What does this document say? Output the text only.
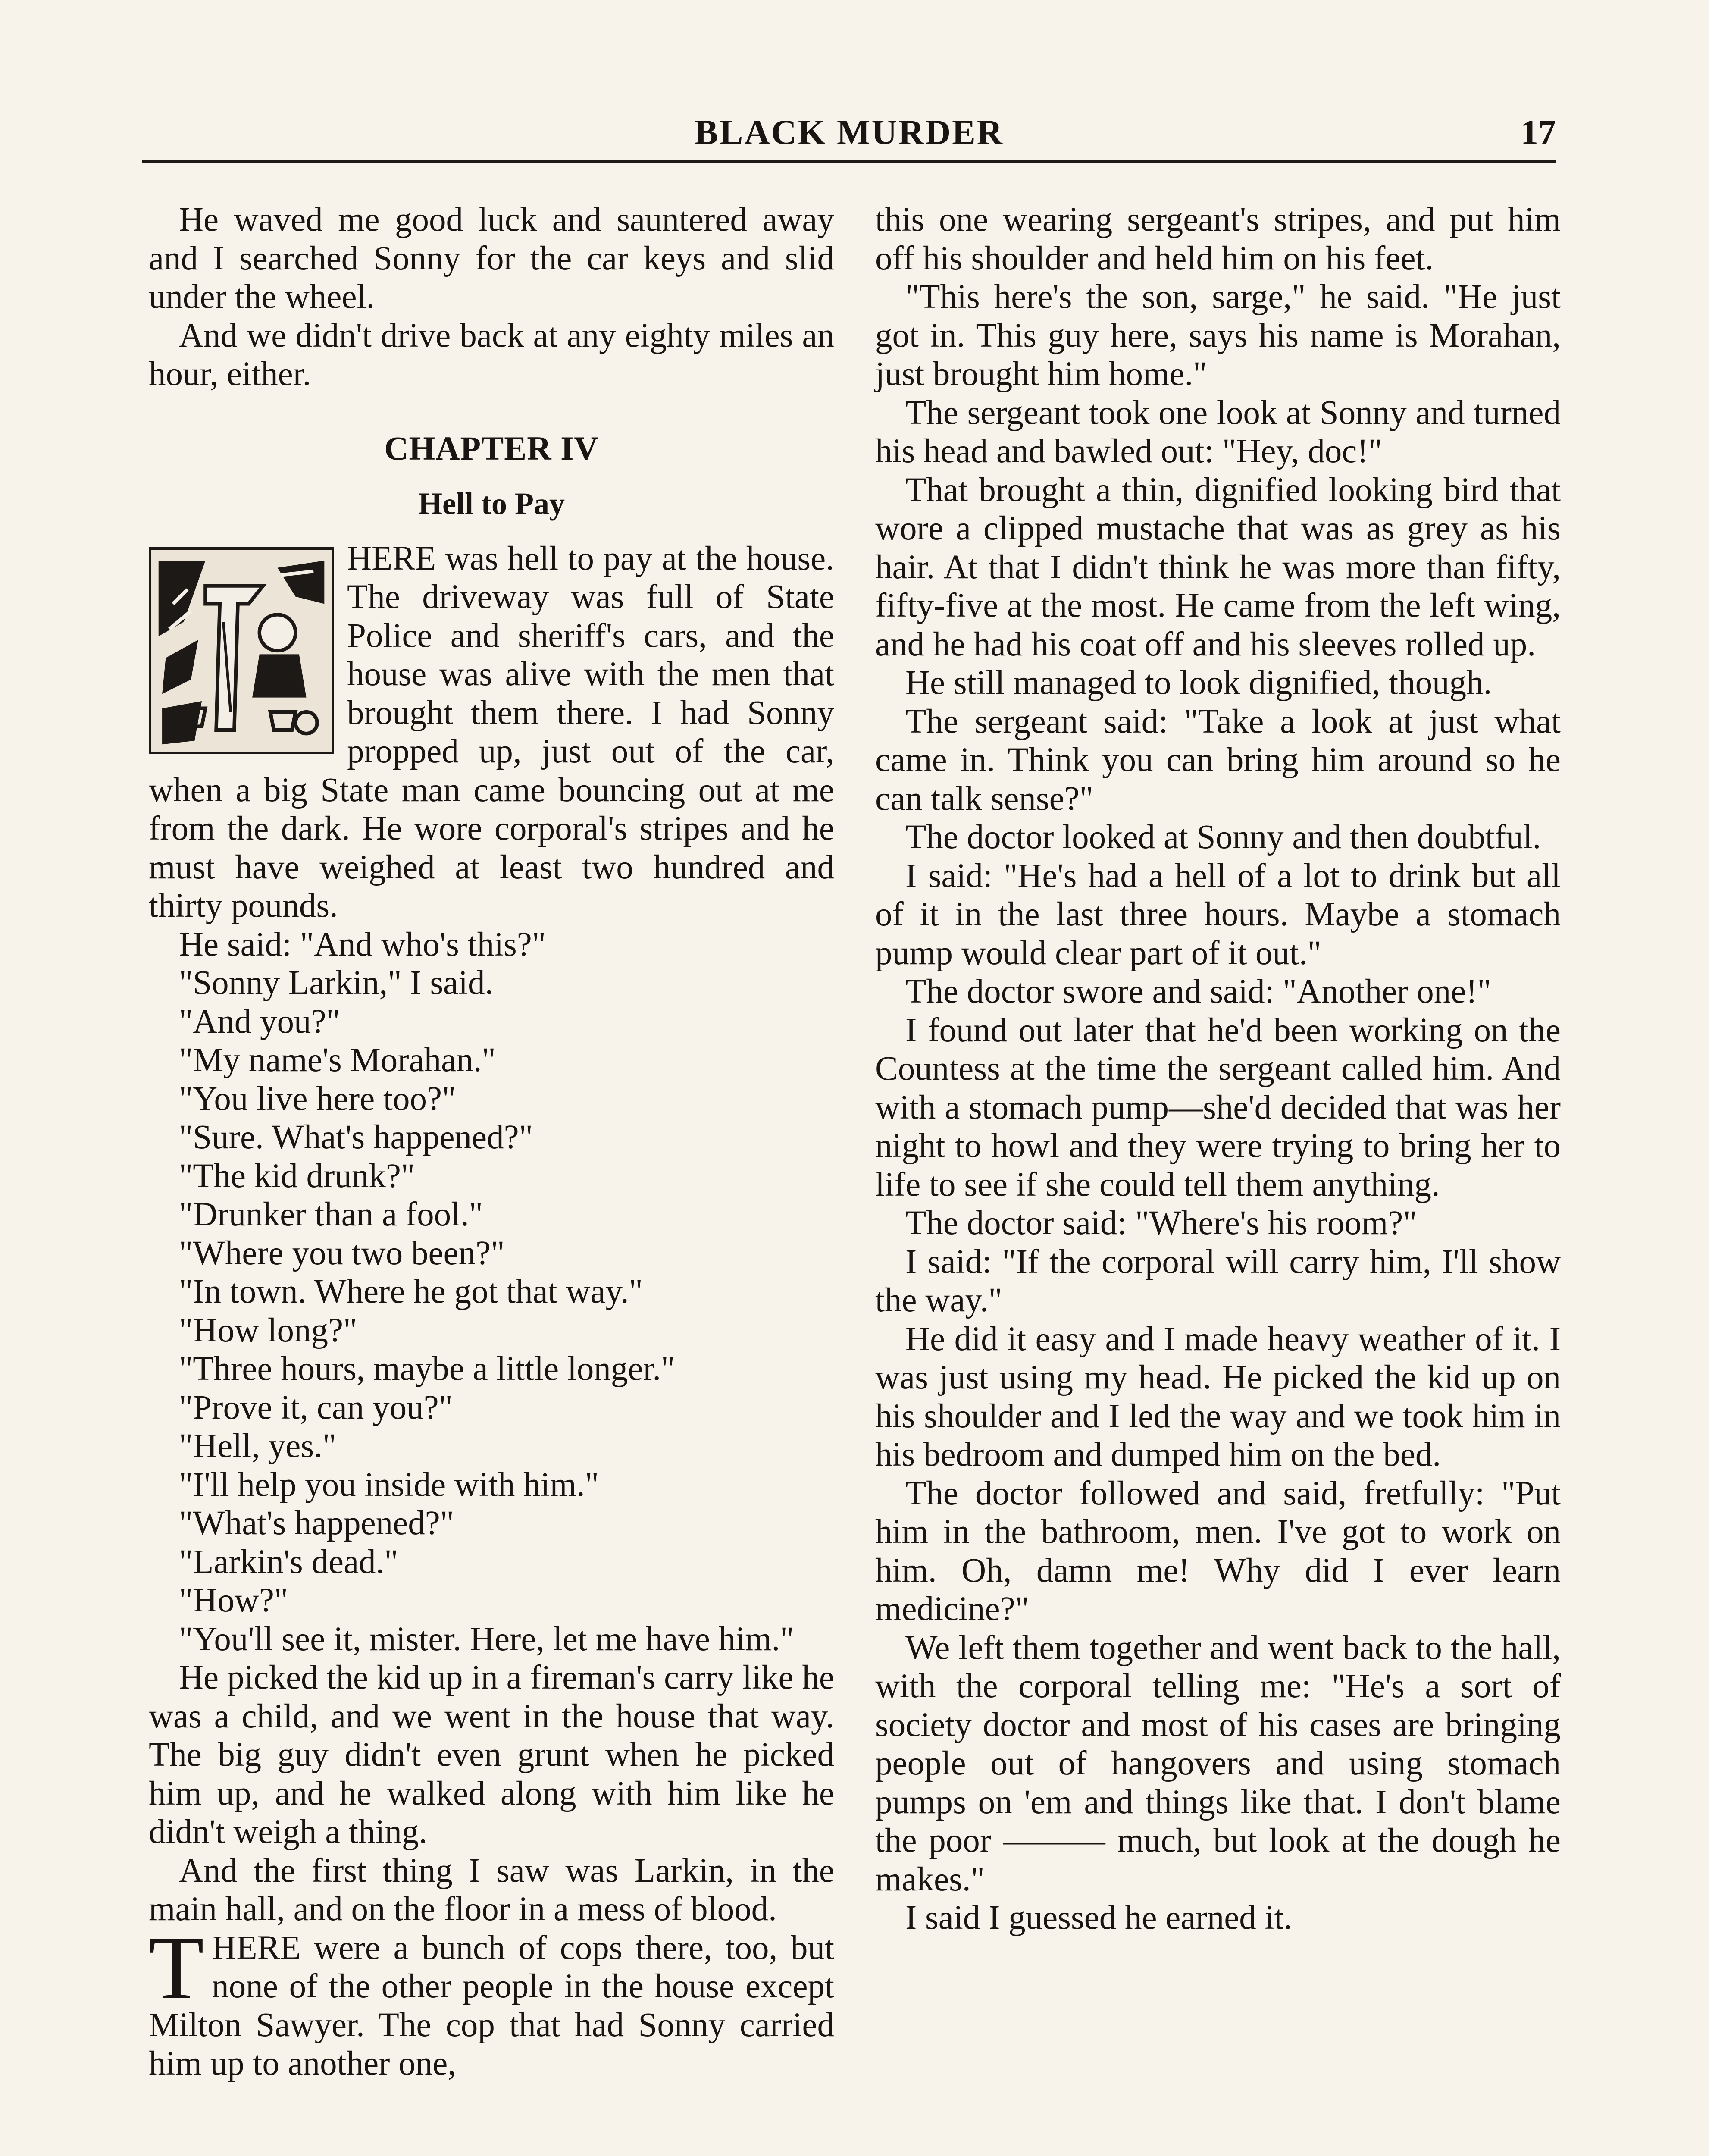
BLACK MURDER	17

He waved me good luck and sauntered away and I searched Sonny for the car keys and slid under the wheel.

And we didn't drive back at any eighty miles an hour, either.

CHAPTER IV
Hell to Pay

HERE was hell to pay at the house. The driveway was full of State Police and sheriff's cars, and the house was alive with the men that brought them there. I had Sonny propped up, just out of the car, when a big State man came bouncing out at me from the dark. He wore corporal's stripes and he must have weighed at least two hundred and thirty pounds.

He said: "And who's this?"

"Sonny Larkin," I said.

"And you?"

"My name's Morahan."

"You live here too?"

"Sure. What's happened?"

"The kid drunk?"

"Drunker than a fool."

"Where you two been?"

"In town. Where he got that way."

"How long?"

"Three hours, maybe a little longer."

"Prove it, can you?"

"Hell, yes."

"I'll help you inside with him."

"What's happened?"

"Larkin's dead."

"How?"

"You'll see it, mister. Here, let me have him."

He picked the kid up in a fireman's carry like he was a child, and we went in the house that way. The big guy didn't even grunt when he picked him up, and he walked along with him like he didn't weigh a thing.

And the first thing I saw was Larkin, in the main hall, and on the floor in a mess of blood.

THERE were a bunch of cops there, too, but none of the other people in the house except Milton Sawyer. The cop that had Sonny carried him up to another one,

this one wearing sergeant's stripes, and put him off his shoulder and held him on his feet.

"This here's the son, sarge," he said. "He just got in. This guy here, says his name is Morahan, just brought him home."

The sergeant took one look at Sonny and turned his head and bawled out: "Hey, doc!"

That brought a thin, dignified looking bird that wore a clipped mustache that was as grey as his hair. At that I didn't think he was more than fifty, fifty-five at the most. He came from the left wing, and he had his coat off and his sleeves rolled up.

He still managed to look dignified, though.

The sergeant said: "Take a look at just what came in. Think you can bring him around so he can talk sense?"

The doctor looked at Sonny and then doubtful.

I said: "He's had a hell of a lot to drink but all of it in the last three hours. Maybe a stomach pump would clear part of it out."

The doctor swore and said: "Another one!"

I found out later that he'd been working on the Countess at the time the sergeant called him. And with a stomach pump—she'd decided that was her night to howl and they were trying to bring her to life to see if she could tell them anything.

The doctor said: "Where's his room?"

I said: "If the corporal will carry him, I'll show the way."

He did it easy and I made heavy weather of it. I was just using my head. He picked the kid up on his shoulder and I led the way and we took him in his bedroom and dumped him on the bed.

The doctor followed and said, fretfully: "Put him in the bathroom, men. I've got to work on him. Oh, damn me! Why did I ever learn medicine?"

We left them together and went back to the hall, with the corporal telling me: "He's a sort of society doctor and most of his cases are bringing people out of hangovers and using stomach pumps on 'em and things like that. I don't blame the poor ——— much, but look at the dough he makes."

I said I guessed he earned it.
